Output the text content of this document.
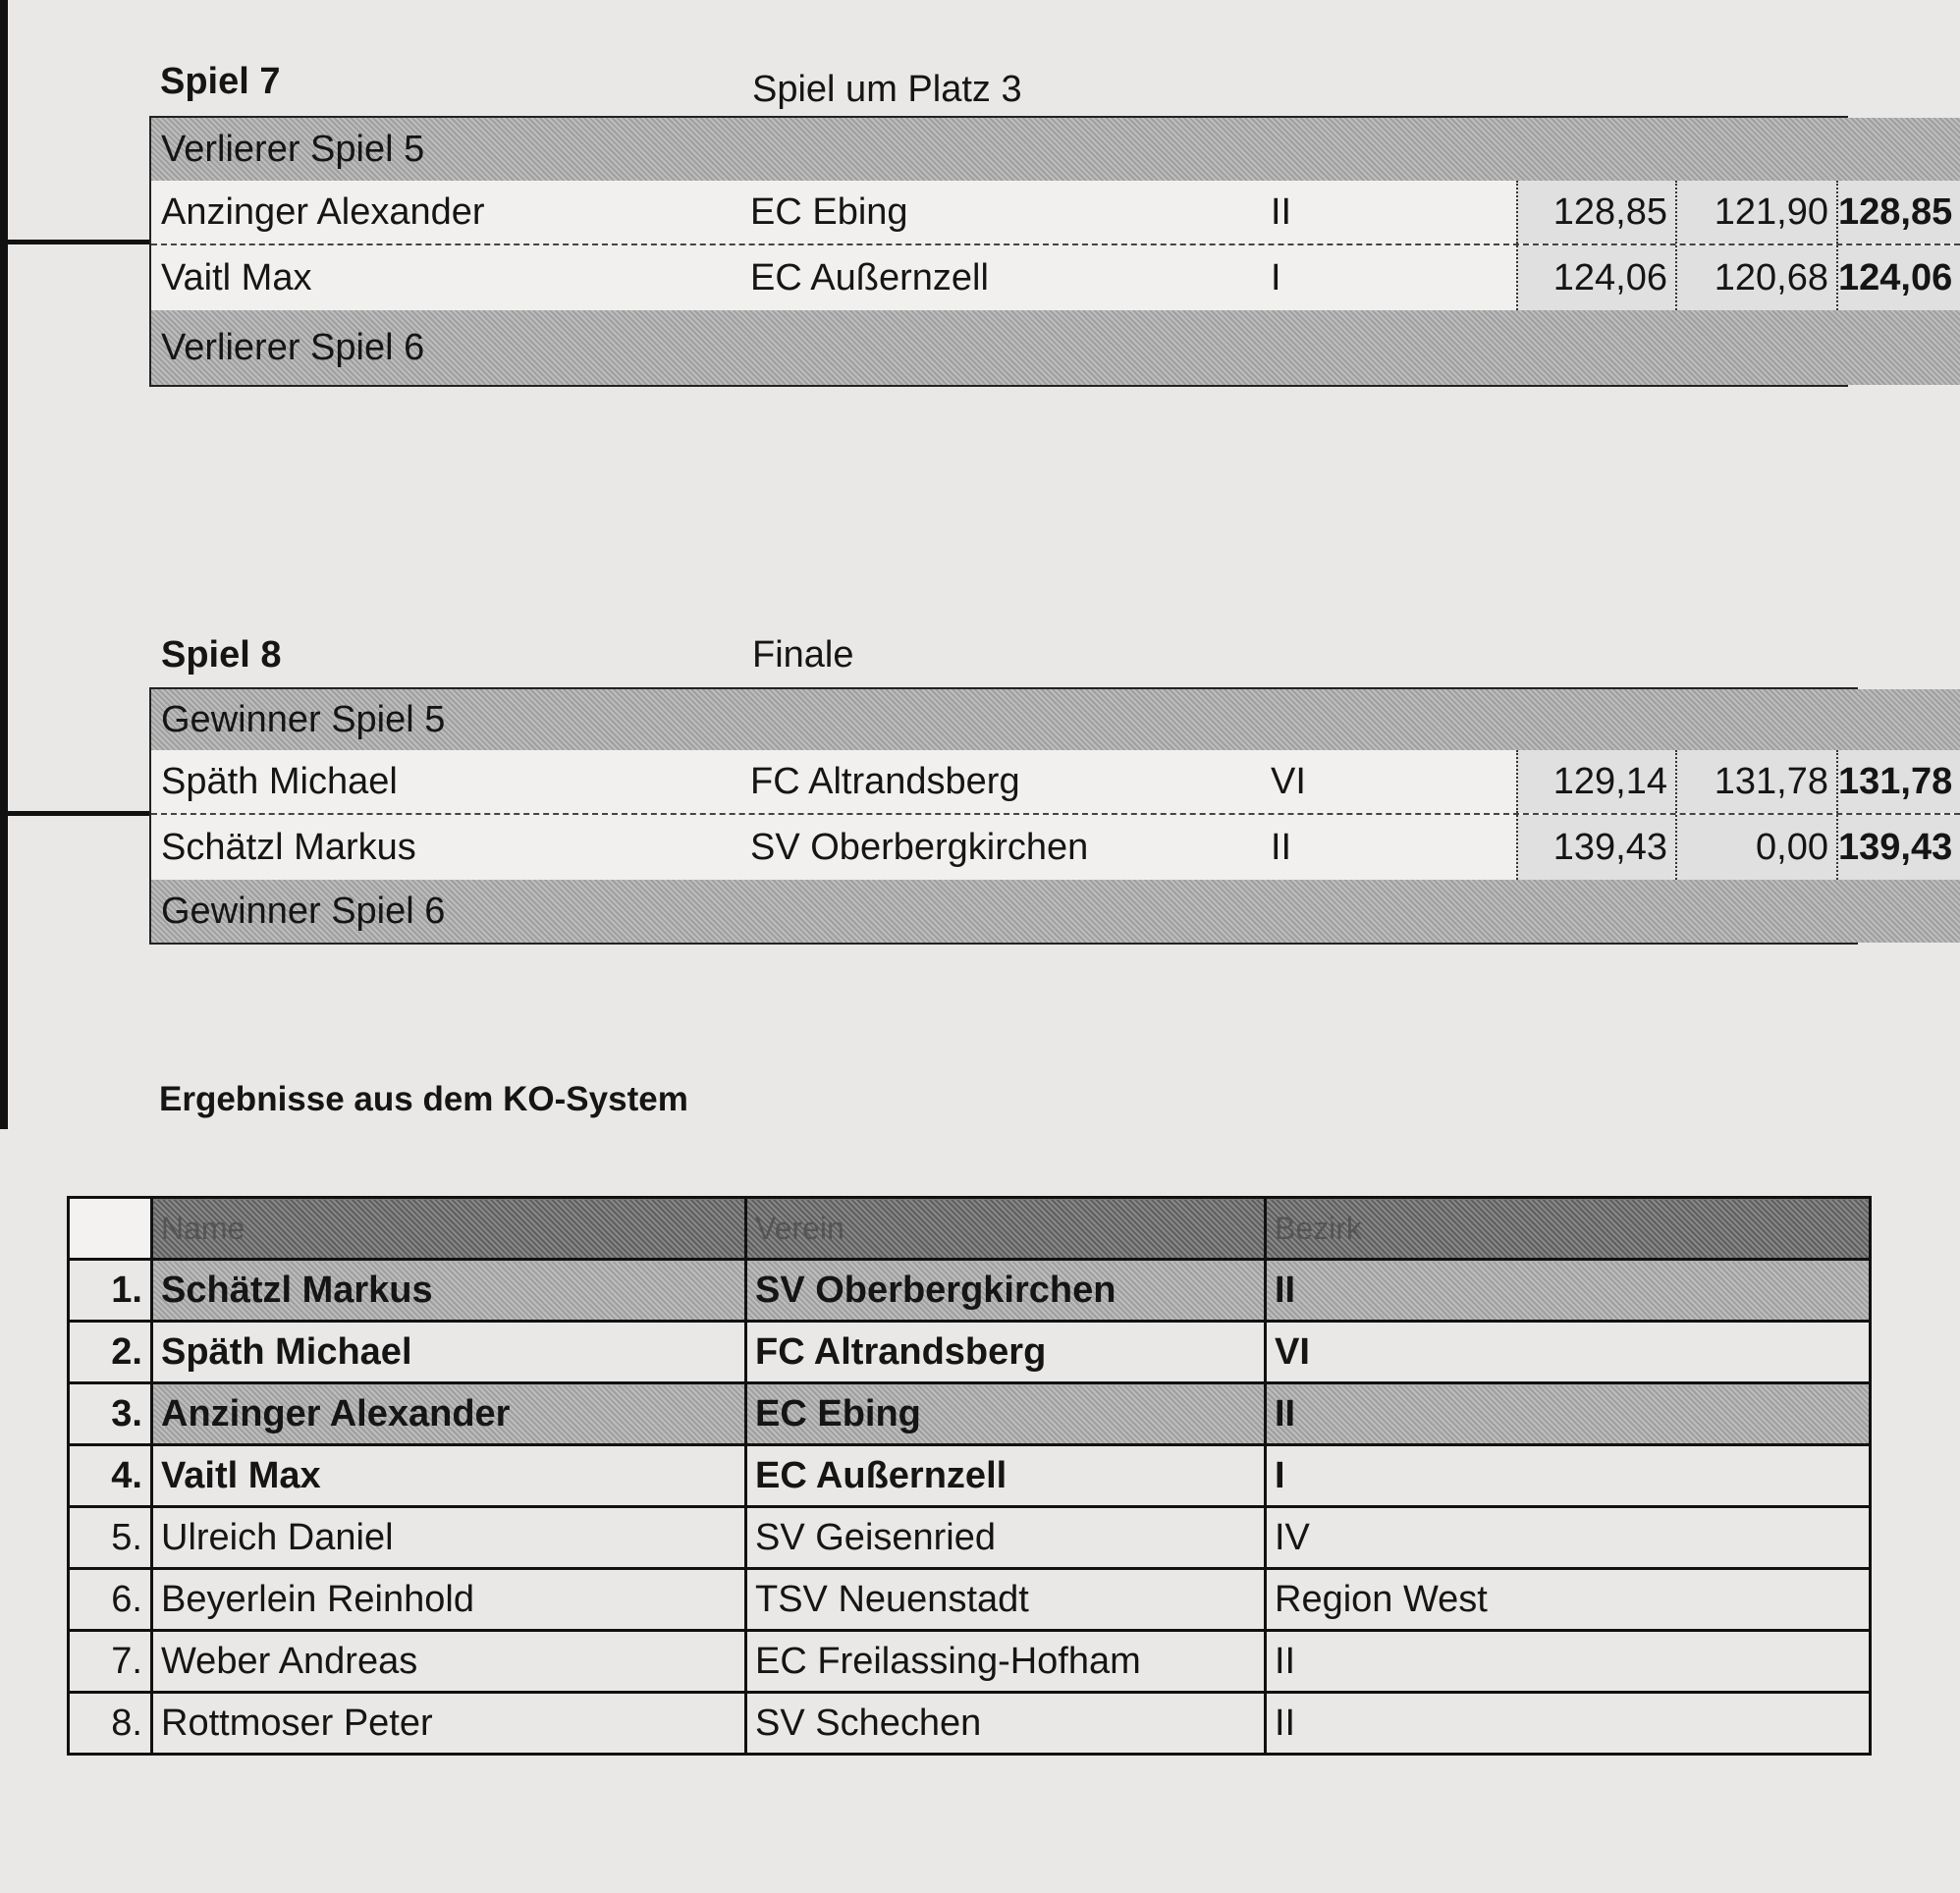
Spiel 7	Spiel um Platz 3
Verlierer Spiel 5
Anzinger Alexander	EC Ebing	II	128,85	121,90 128,85
Vaitl Max	EC Außernzell	I	124,06	120,68 124,06
Verlierer Spiel 6
Spiel 8	Finale
Gewinner Spiel 5
Späth Michael	FC Altrandsberg	VI	129,14	131,78 131,78
Schätzl Markus	SV Oberbergkirchen	II	139,43	0,00 139,43
Gewinner Spiel 6
Ergebnisse aus dem KO-System
	Name	Verein	Bezirk
1.	Schätzl Markus	SV Oberbergkirchen	II
2.	Späth Michael	FC Altrandsberg	VI
3.	Anzinger Alexander	EC Ebing	II
4.	Vaitl Max	EC Außernzell	I
5.	Ulreich Daniel	SV Geisenried	IV
6.	Beyerlein Reinhold	TSV Neuenstadt	Region West
7.	Weber Andreas	EC Freilassing-Hofham	II
8.	Rottmoser Peter	SV Schechen	II
